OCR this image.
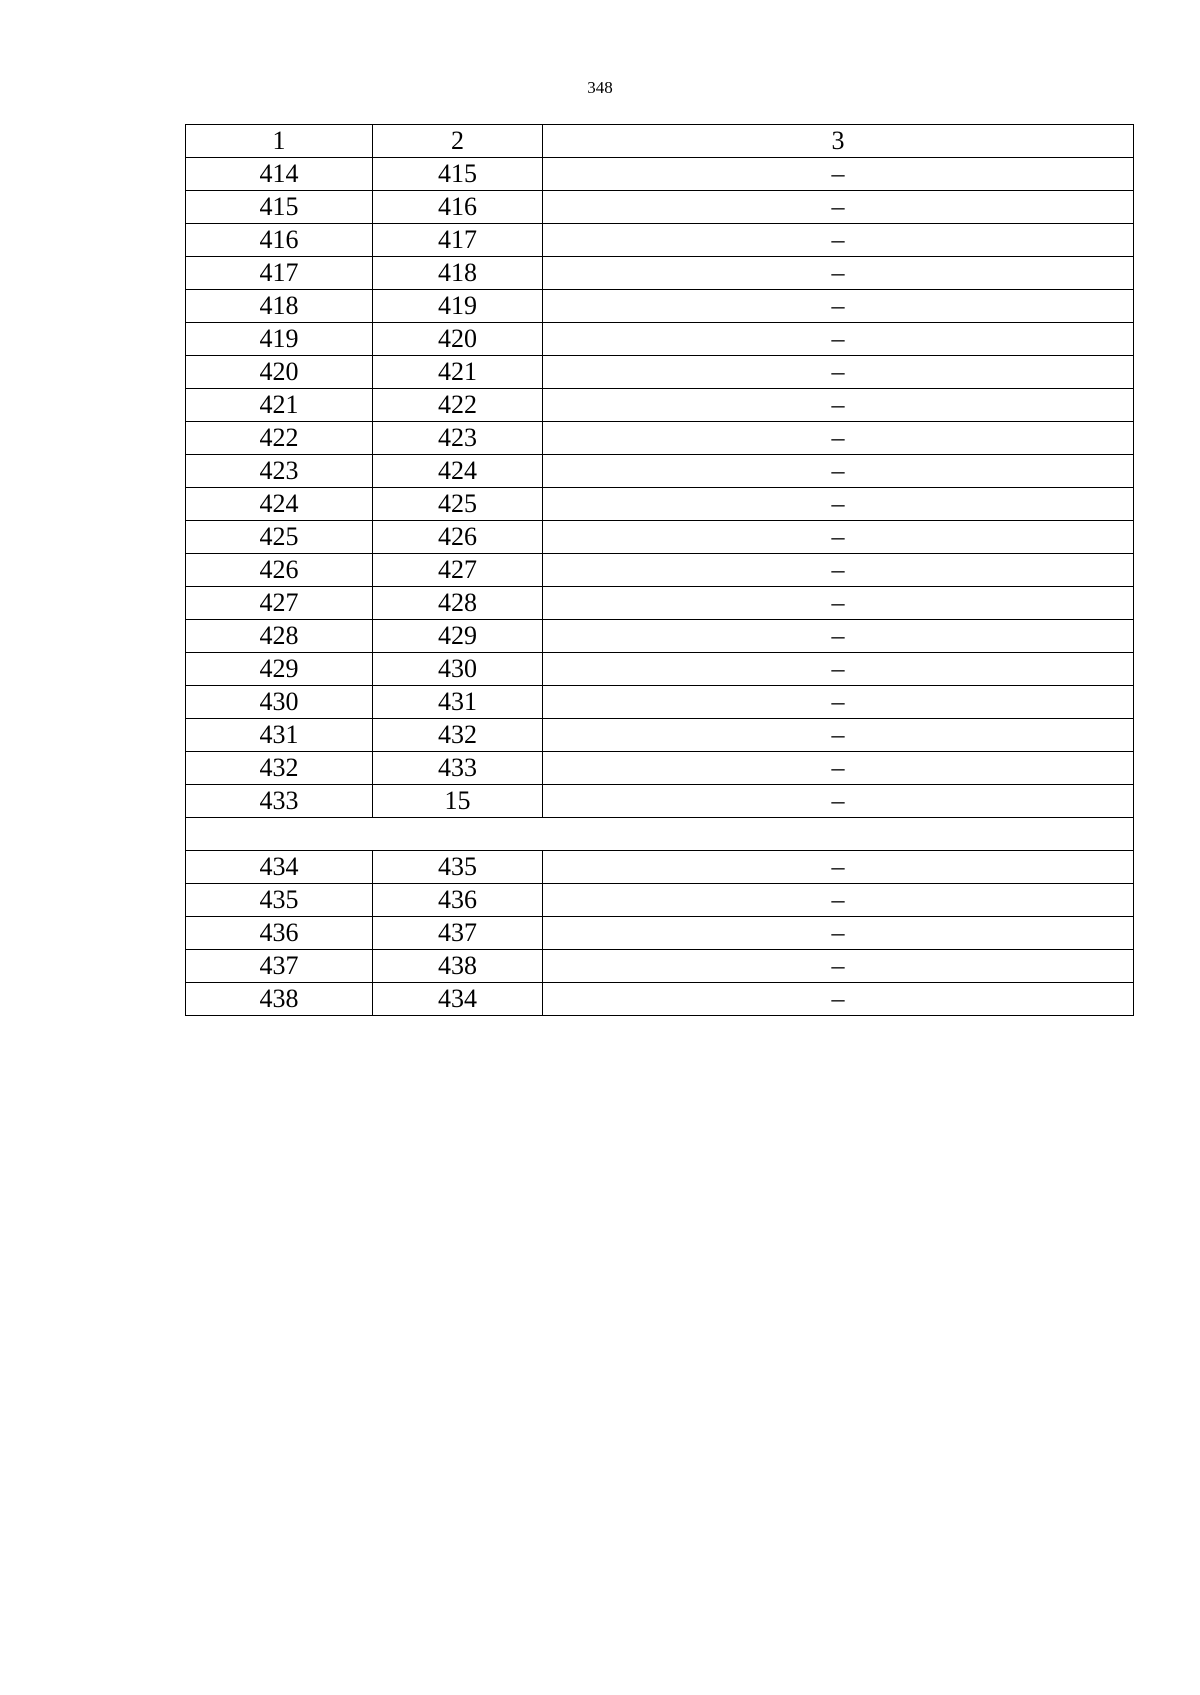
348
1	2	3
414	415	–
415	416	–
416	417	–
417	418	–
418	419	–
419	420	–
420	421	–
421	422	–
422	423	–
423	424	–
424	425	–
425	426	–
426	427	–
427	428	–
428	429	–
429	430	–
430	431	–
431	432	–
432	433	–
433	15	–

434	435	–
435	436	–
436	437	–
437	438	–
438	434	–
